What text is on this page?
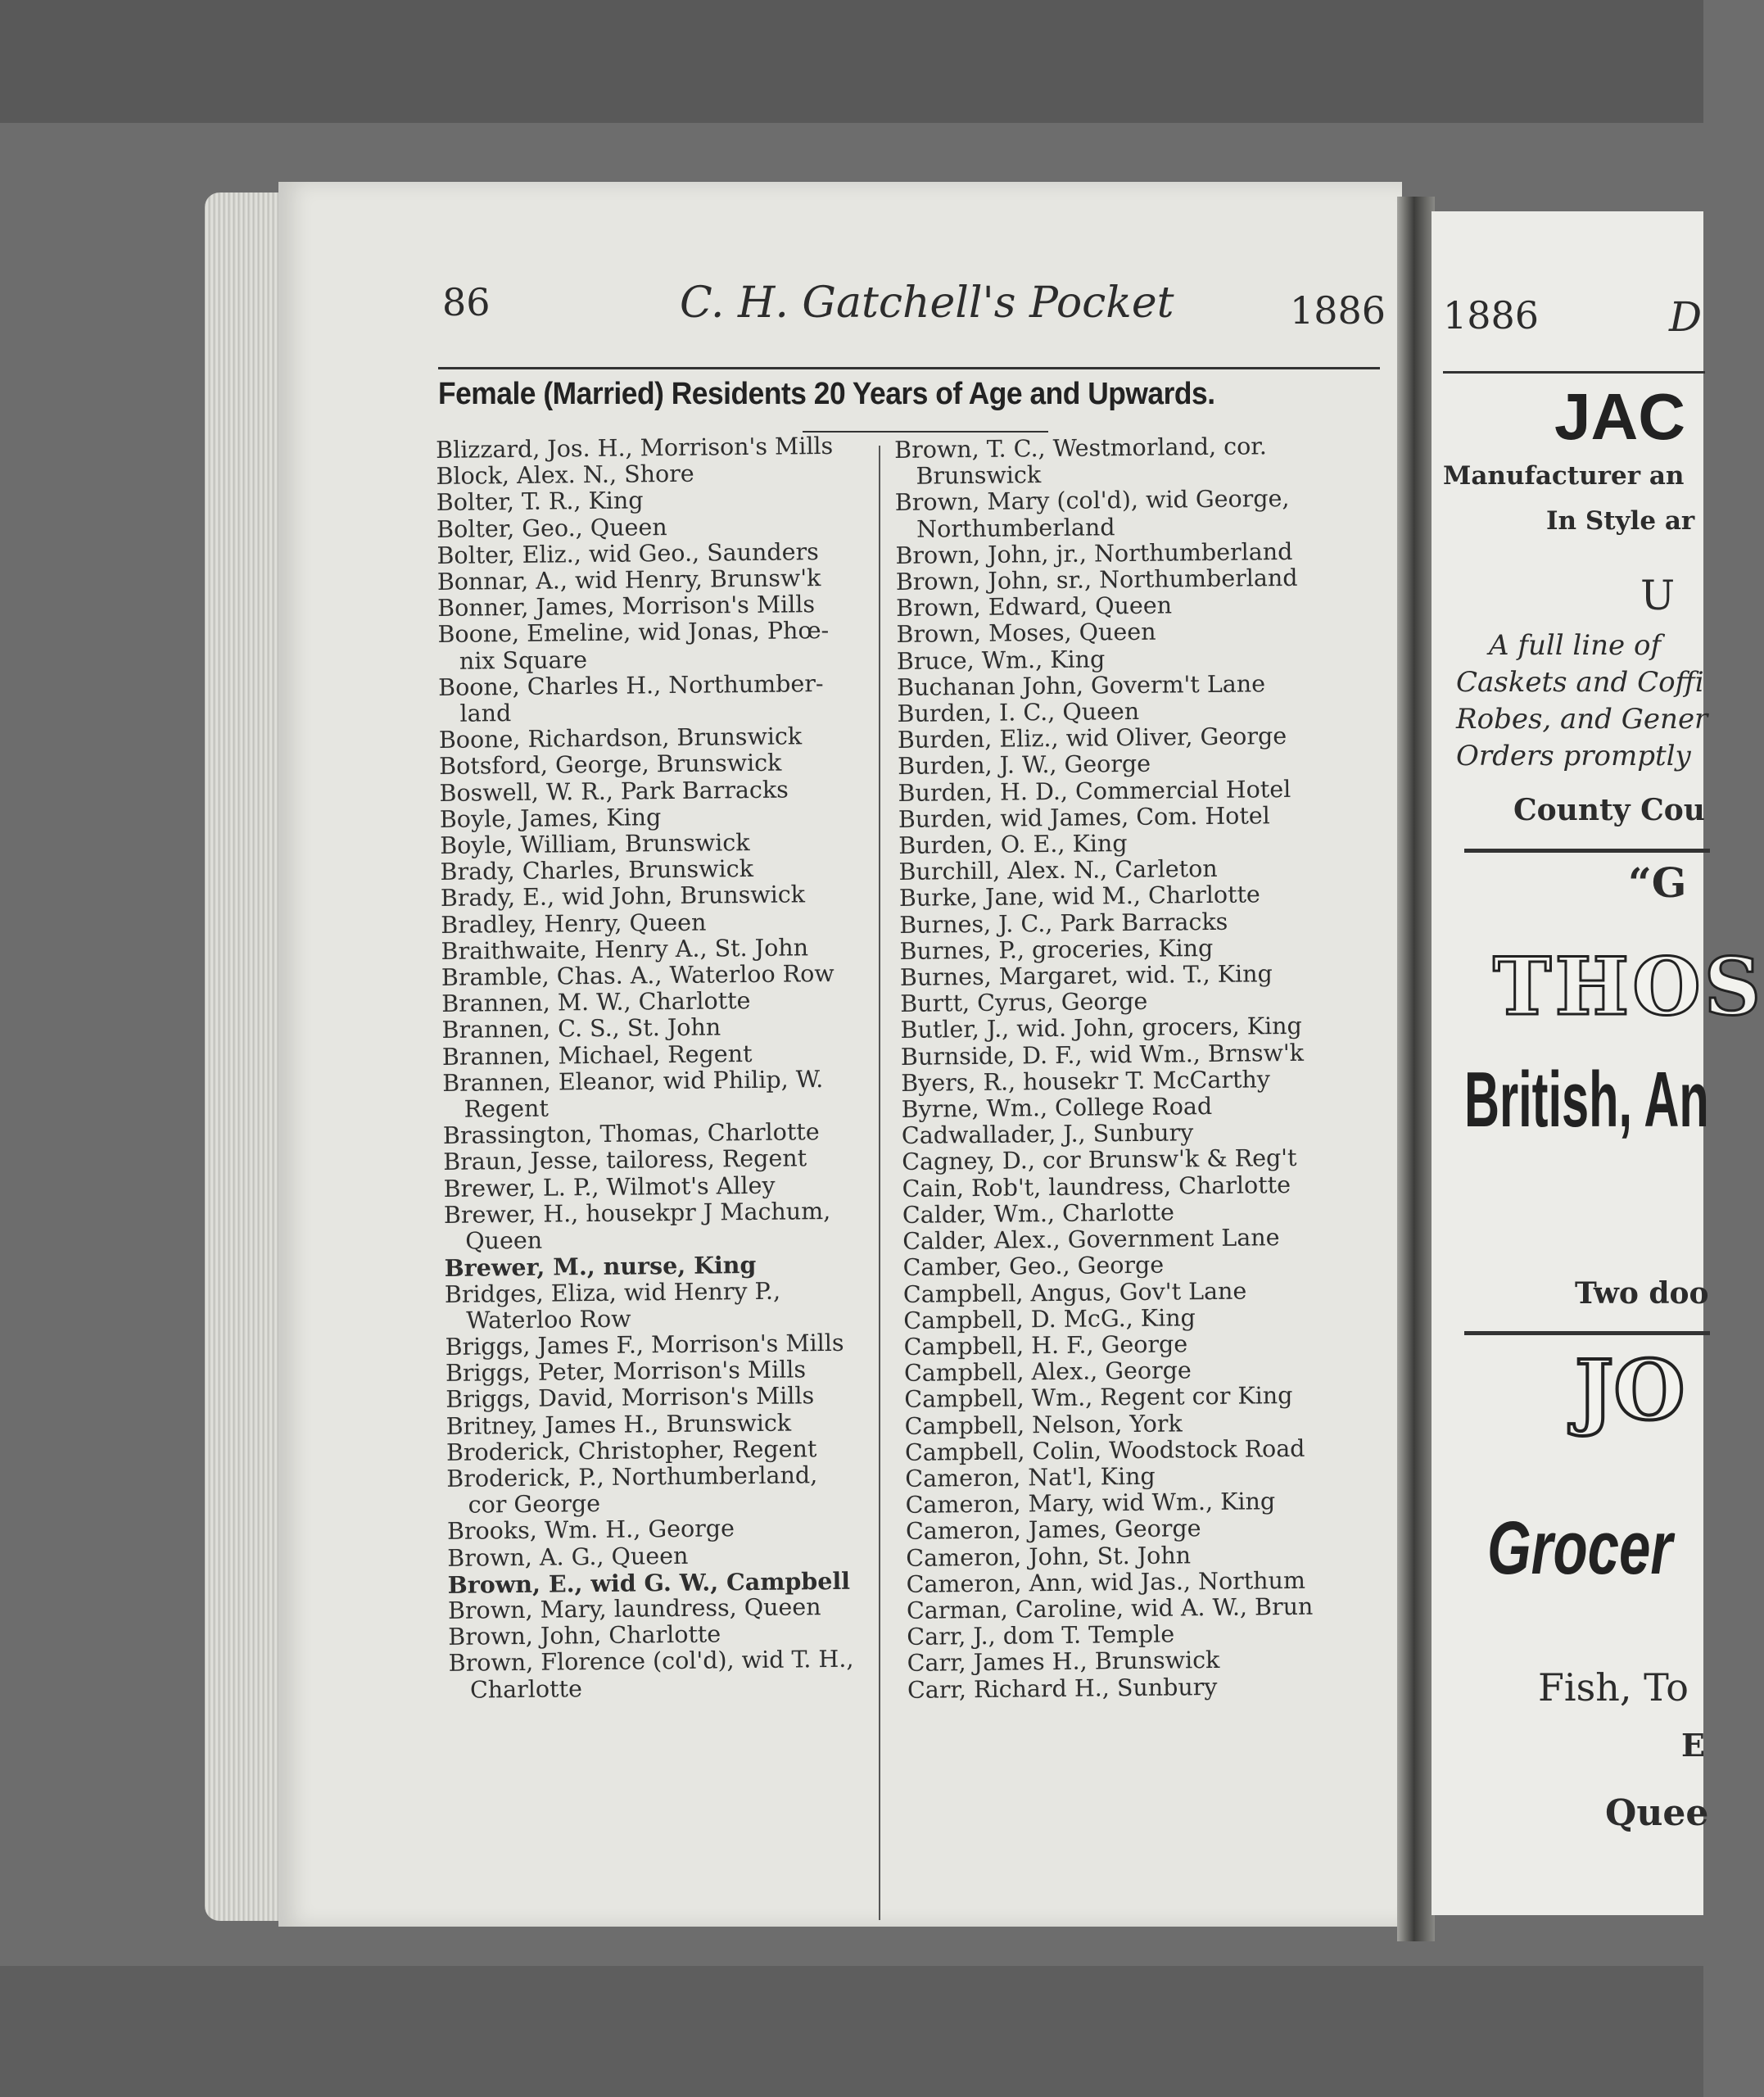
86	C. H. Gatchell's Pocket	1886
Female (Married) Residents 20 Years of Age and Upwards.
Blizzard, Jos. H., Morrison's Mills
Block, Alex. N., Shore
Bolter, T. R., King
Bolter, Geo., Queen
Bolter, Eliz., wid Geo., Saunders
Bonnar, A., wid Henry, Brunsw'k
Bonner, James, Morrison's Mills
Boone, Emeline, wid Jonas, Phœ-
nix Square
Boone, Charles H., Northumber-
land
Boone, Richardson, Brunswick
Botsford, George, Brunswick
Boswell, W. R., Park Barracks
Boyle, James, King
Boyle, William, Brunswick
Brady, Charles, Brunswick
Brady, E., wid John, Brunswick
Bradley, Henry, Queen
Braithwaite, Henry A., St. John
Bramble, Chas. A., Waterloo Row
Brannen, M. W., Charlotte
Brannen, C. S., St. John
Brannen, Michael, Regent
Brannen, Eleanor, wid Philip, W.
Regent
Brassington, Thomas, Charlotte
Braun, Jesse, tailoress, Regent
Brewer, L. P., Wilmot's Alley
Brewer, H., housekpr J Machum,
Queen
Brewer, M., nurse, King
Bridges, Eliza, wid Henry P.,
Waterloo Row
Briggs, James F., Morrison's Mills
Briggs, Peter, Morrison's Mills
Briggs, David, Morrison's Mills
Britney, James H., Brunswick
Broderick, Christopher, Regent
Broderick, P., Northumberland,
cor George
Brooks, Wm. H., George
Brown, A. G., Queen
Brown, E., wid G. W., Campbell
Brown, Mary, laundress, Queen
Brown, John, Charlotte
Brown, Florence (col'd), wid T. H.,
Charlotte
Brown, T. C., Westmorland, cor.
Brunswick
Brown, Mary (col'd), wid George,
Northumberland
Brown, John, jr., Northumberland
Brown, John, sr., Northumberland
Brown, Edward, Queen
Brown, Moses, Queen
Bruce, Wm., King
Buchanan John, Goverm't Lane
Burden, I. C., Queen
Burden, Eliz., wid Oliver, George
Burden, J. W., George
Burden, H. D., Commercial Hotel
Burden, wid James, Com. Hotel
Burden, O. E., King
Burchill, Alex. N., Carleton
Burke, Jane, wid M., Charlotte
Burnes, J. C., Park Barracks
Burnes, P., groceries, King
Burnes, Margaret, wid. T., King
Burtt, Cyrus, George
Butler, J., wid. John, grocers, King
Burnside, D. F., wid Wm., Brnsw'k
Byers, R., housekr T. McCarthy
Byrne, Wm., College Road
Cadwallader, J., Sunbury
Cagney, D., cor Brunsw'k & Reg't
Cain, Rob't, laundress, Charlotte
Calder, Wm., Charlotte
Calder, Alex., Government Lane
Camber, Geo., George
Campbell, Angus, Gov't Lane
Campbell, D. McG., King
Campbell, H. F., George
Campbell, Alex., George
Campbell, Wm., Regent cor King
Campbell, Nelson, York
Campbell, Colin, Woodstock Road
Cameron, Nat'l, King
Cameron, Mary, wid Wm., King
Cameron, James, George
Cameron, John, St. John
Cameron, Ann, wid Jas., Northum
Carman, Caroline, wid A. W., Brun
Carr, J., dom T. Temple
Carr, James H., Brunswick
Carr, Richard H., Sunbury
1886	D
JAC
Manufacturer an
In Style ar
U
A full line of
Caskets and Coffi
Robes, and Gener
Orders promptly
County Cou
“G
THOS
British, An
Two doo
JO
Grocer
Fish, To
E
Quee
